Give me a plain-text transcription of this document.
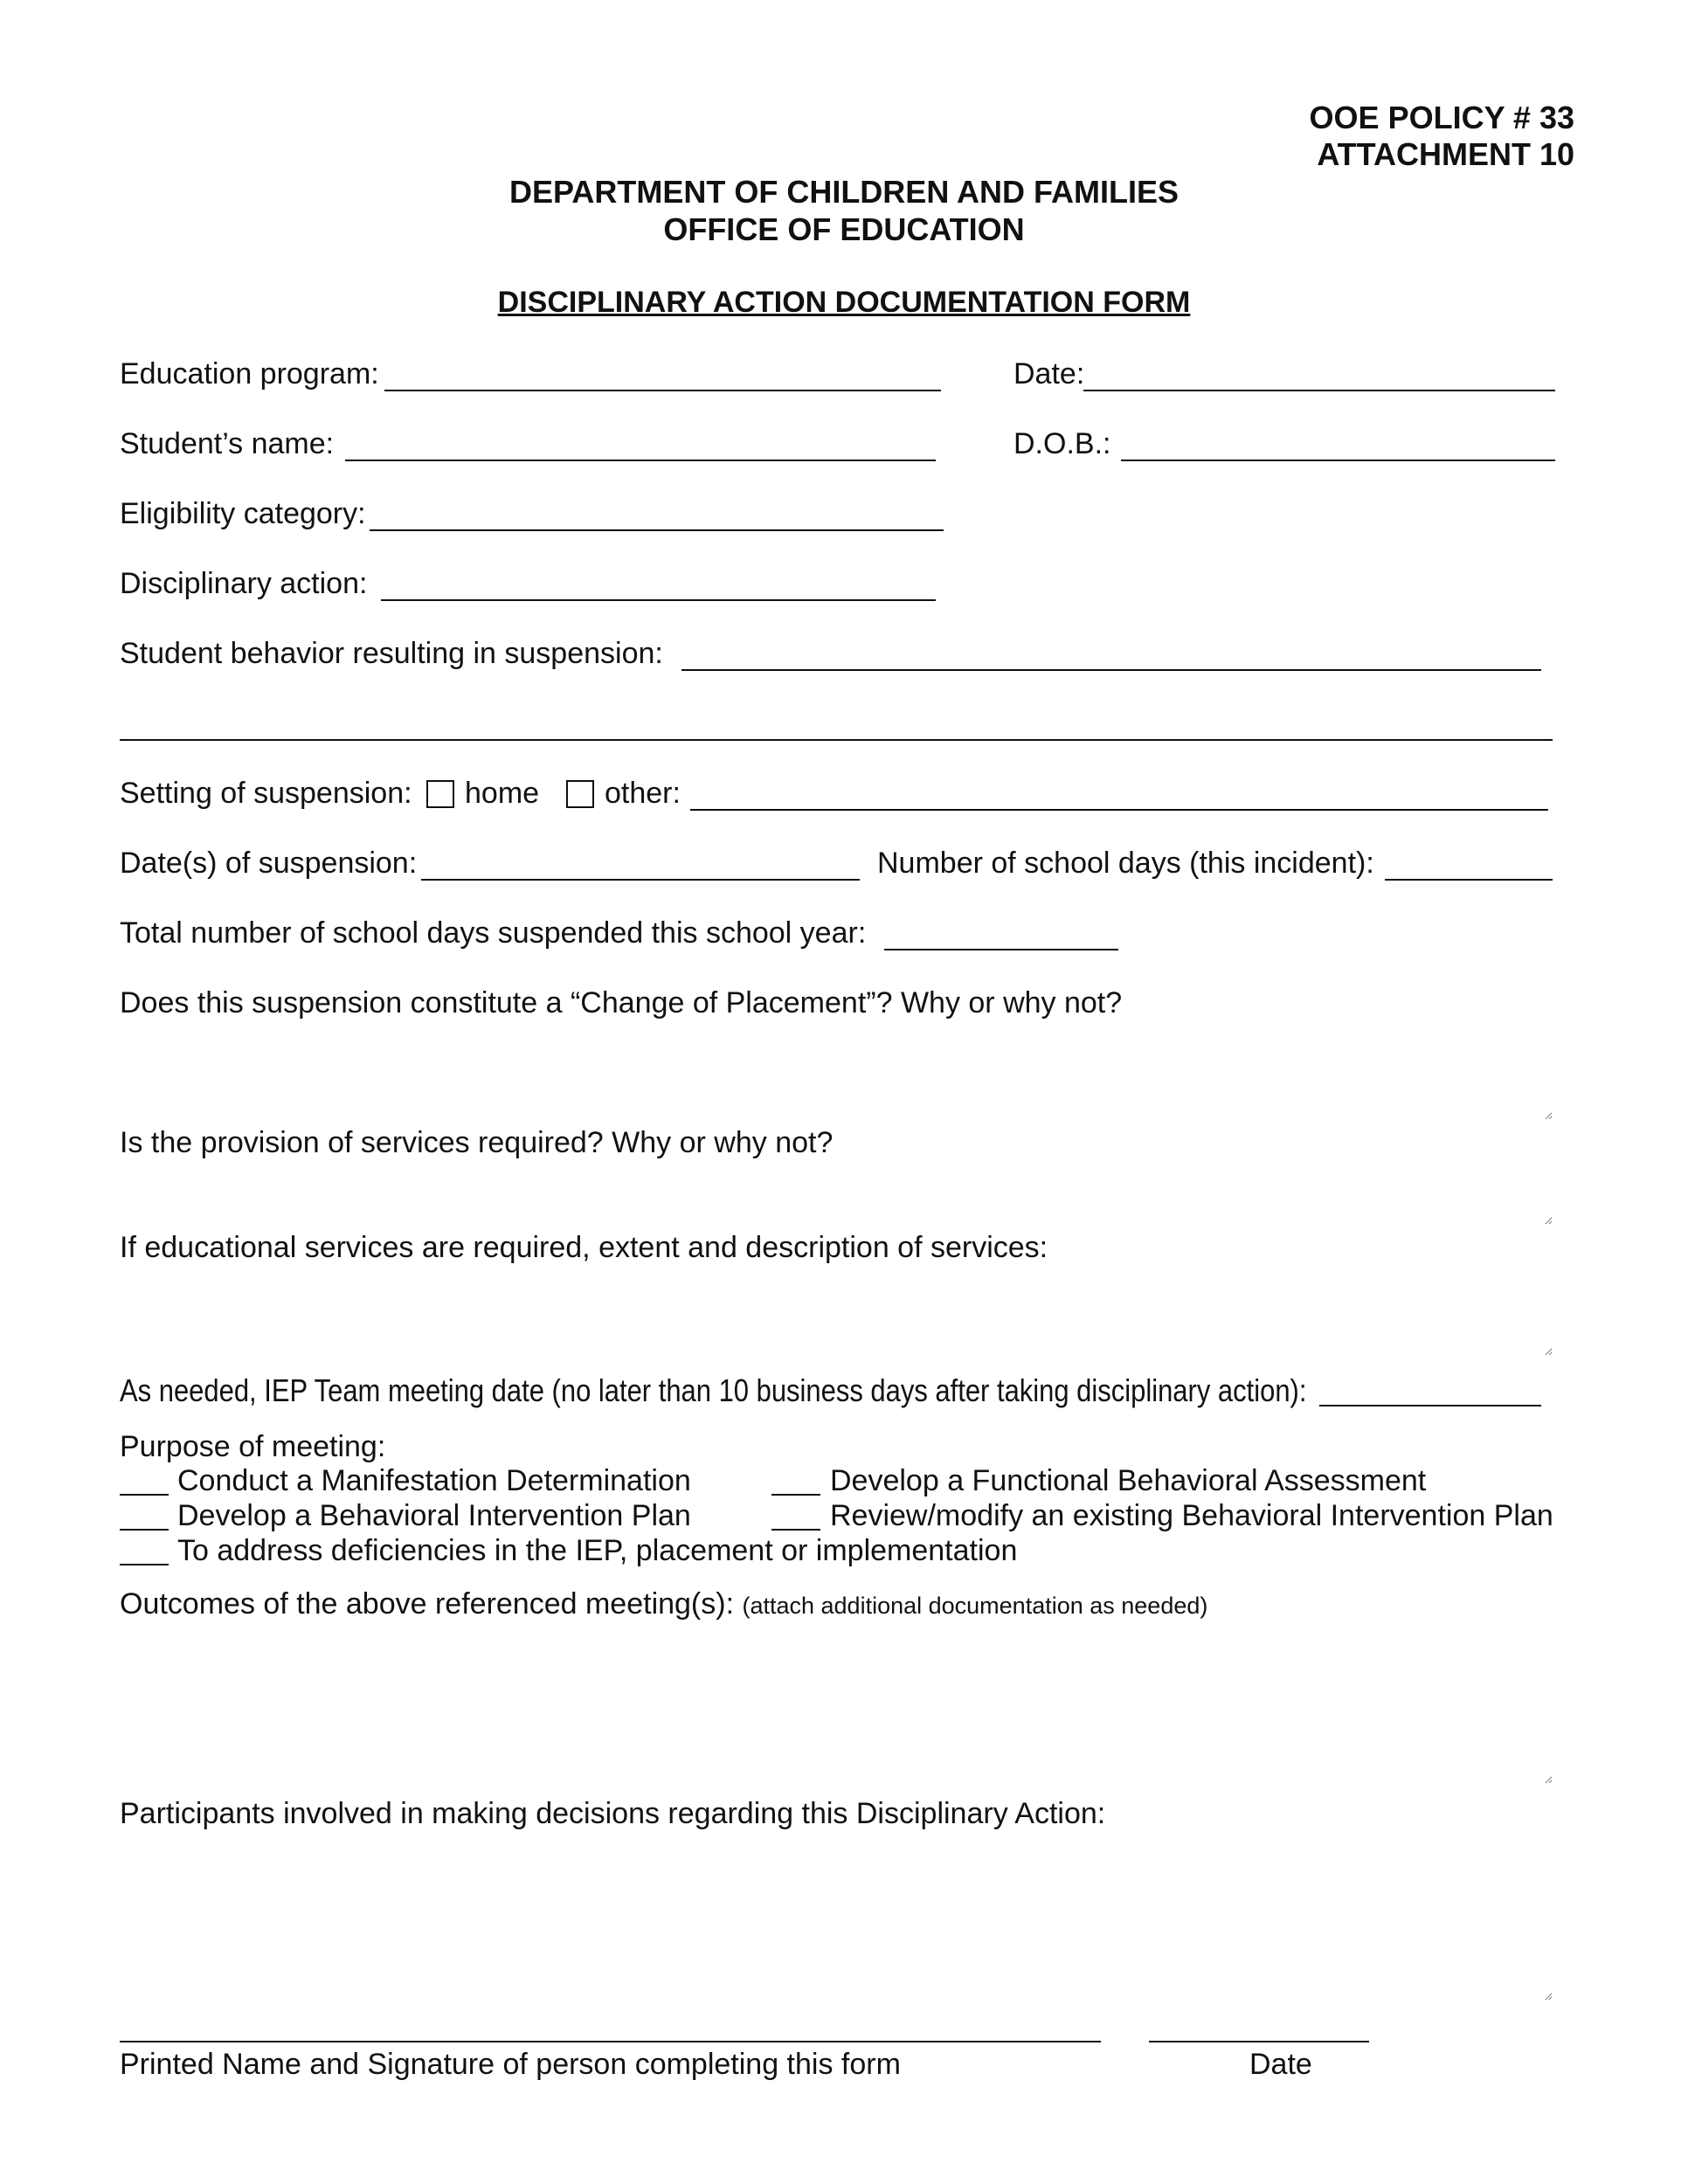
OOE POLICY # 33
ATTACHMENT 10
DEPARTMENT OF CHILDREN AND FAMILIES
OFFICE OF EDUCATION
DISCIPLINARY ACTION DOCUMENTATION FORM
Education program:	Date:
Student’s name:	D.O.B.:
Eligibility category:
Disciplinary action:
Student behavior resulting in suspension:
Setting of suspension: home other:
Date(s) of suspension:	Number of school days (this incident):
Total number of school days suspended this school year:
Does this suspension constitute a “Change of Placement”? Why or why not?
Is the provision of services required? Why or why not?
If educational services are required, extent and description of services:
As needed, IEP Team meeting date (no later than 10 business days after taking disciplinary action):
Purpose of meeting:
Conduct a Manifestation Determination	Develop a Functional Behavioral Assessment
Develop a Behavioral Intervention Plan	Review/modify an existing Behavioral Intervention Plan
To address deficiencies in the IEP, placement or implementation
Outcomes of the above referenced meeting(s): (attach additional documentation as needed)
Participants involved in making decisions regarding this Disciplinary Action:
Printed Name and Signature of person completing this form	Date
